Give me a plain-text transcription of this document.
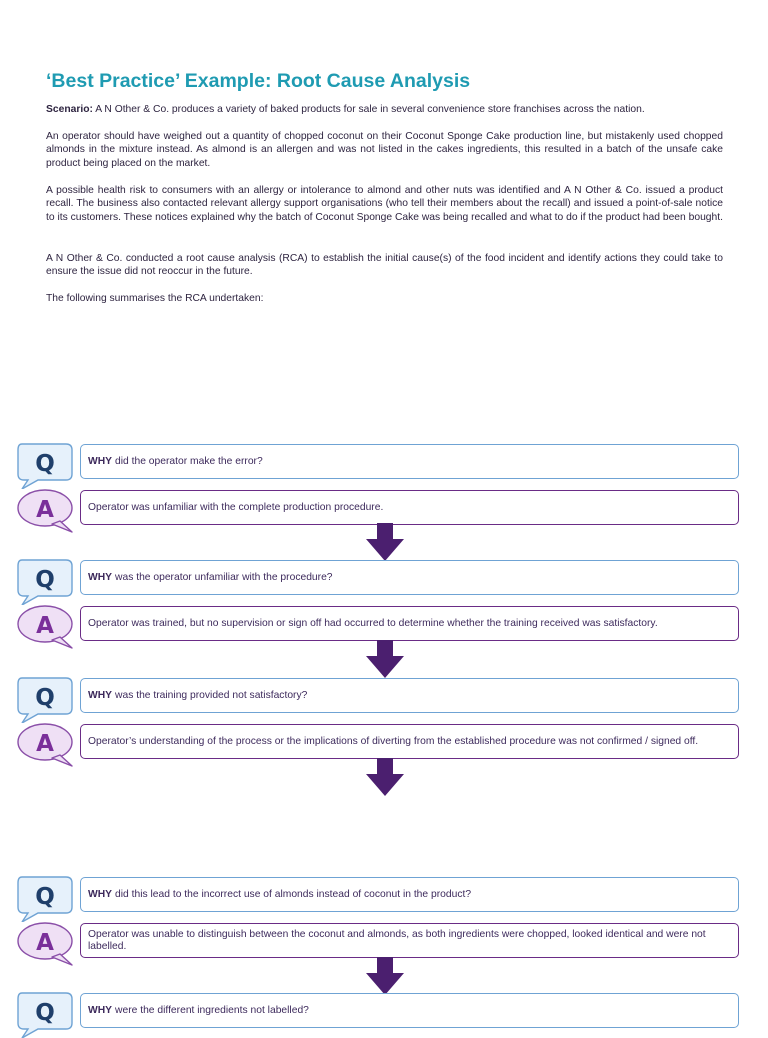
‘Best Practice’ Example: Root Cause Analysis

Scenario: A N Other & Co. produces a variety of baked products for sale in several convenience store franchises across the nation.

An operator should have weighed out a quantity of chopped coconut on their Coconut Sponge Cake production line, but mistakenly used chopped almonds in the mixture instead. As almond is an allergen and was not listed in the cakes ingredients, this resulted in a batch of the unsafe cake product being placed on the market.

A possible health risk to consumers with an allergy or intolerance to almond and other nuts was identified and A N Other & Co. issued a product recall. The business also contacted relevant allergy support organisations (who tell their members about the recall) and issued a point-of-sale notice to its customers. These notices explained why the batch of Coconut Sponge Cake was being recalled and what to do if the product had been bought.

A N Other & Co. conducted a root cause analysis (RCA) to establish the initial cause(s) of the food incident and identify actions they could take to ensure the issue did not reoccur in the future.

The following summarises the RCA undertaken:

Q	WHY did the operator make the error?
A	Operator was unfamiliar with the complete production procedure.
Q	WHY was the operator unfamiliar with the procedure?
A	Operator was trained, but no supervision or sign off had occurred to determine whether the training received was satisfactory.
Q	WHY was the training provided not satisfactory?
A	Operator’s understanding of the process or the implications of diverting from the established procedure was not confirmed / signed off.
Q	WHY did this lead to the incorrect use of almonds instead of coconut in the product?
A	Operator was unable to distinguish between the coconut and almonds, as both ingredients were chopped, looked identical and were not labelled.
Q	WHY were the different ingredients not labelled?
